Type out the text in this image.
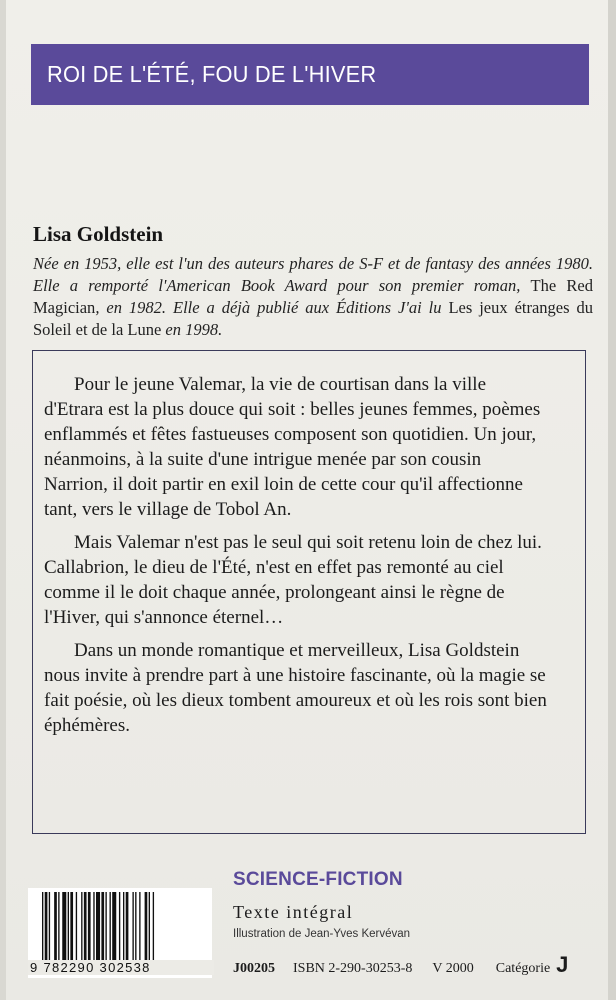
ROI DE L'ÉTÉ, FOU DE L'HIVER
Lisa Goldstein
Née en 1953, elle est l'un des auteurs phares de S-F et de fantasy des années 1980. Elle a remporté l'American Book Award pour son premier roman, The Red Magician, en 1982. Elle a déjà publié aux Éditions J'ai lu Les jeux étranges du Soleil et de la Lune en 1998.

Pour le jeune Valemar, la vie de courtisan dans la ville d'Etrara est la plus douce qui soit : belles jeunes femmes, poèmes enflammés et fêtes fastueuses composent son quotidien. Un jour, néanmoins, à la suite d'une intrigue menée par son cousin Narrion, il doit partir en exil loin de cette cour qu'il affectionne tant, vers le village de Tobol An.

Mais Valemar n'est pas le seul qui soit retenu loin de chez lui. Callabrion, le dieu de l'Été, n'est en effet pas remonté au ciel comme il le doit chaque année, prolongeant ainsi le règne de l'Hiver, qui s'annonce éternel…

Dans un monde romantique et merveilleux, Lisa Goldstein nous invite à prendre part à une histoire fascinante, où la magie se fait poésie, où les dieux tombent amoureux et où les rois sont bien éphémères.

9 782290 302538
SCIENCE-FICTION
Texte intégral
Illustration de Jean-Yves Kervévan
J00205 ISBN 2-290-30253-8 V 2000 Catégorie J
